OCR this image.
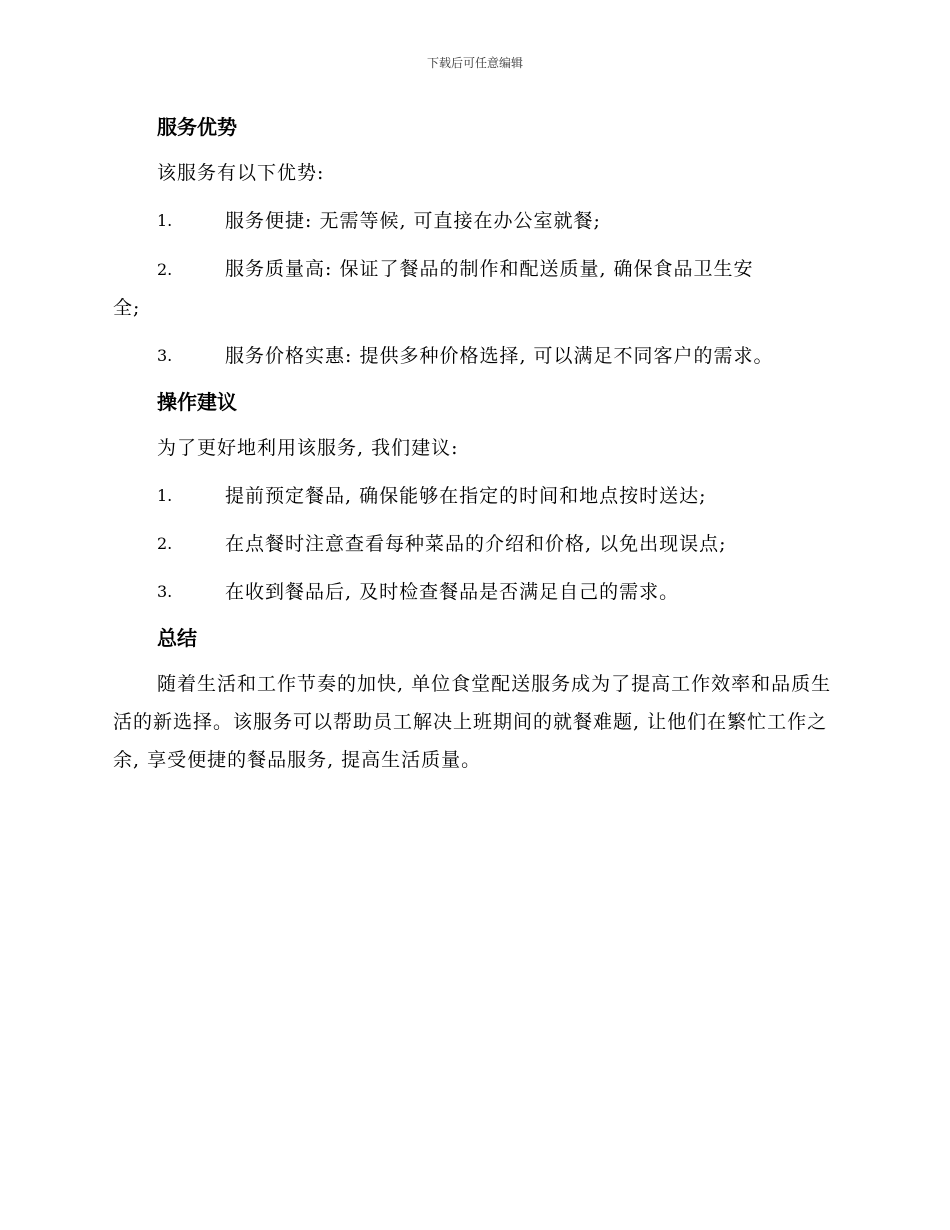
下载后可任意编辑
服务优势

该服务有以下优势:

1.	服务便捷: 无需等候, 可直接在办公室就餐;
2.	服务质量高: 保证了餐品的制作和配送质量, 确保食品卫生安
全;
3.	服务价格实惠: 提供多种价格选择, 可以满足不同客户的需求。
操作建议

为了更好地利用该服务, 我们建议:

1.	提前预定餐品, 确保能够在指定的时间和地点按时送达;
2.	在点餐时注意查看每种菜品的介绍和价格, 以免出现误点;
3.	在收到餐品后, 及时检查餐品是否满足自己的需求。
总结

随着生活和工作节奏的加快, 单位食堂配送服务成为了提高工作效率和品质生活的新选择。该服务可以帮助员工解决上班期间的就餐难题, 让他们在繁忙工作之余, 享受便捷的餐品服务, 提高生活质量。
